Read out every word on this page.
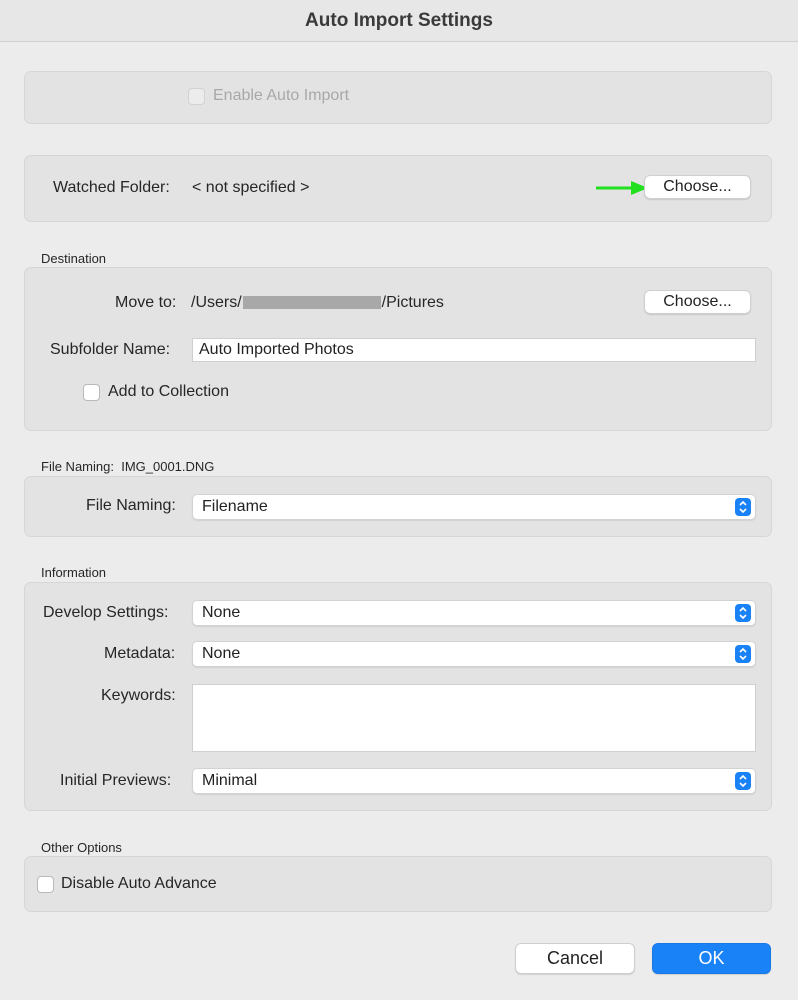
Auto Import Settings
Enable Auto Import
Watched Folder: < not specified >	Choose...
Destination
Move to: /Users/	/Pictures	Choose...
Subfolder Name:	Auto Imported Photos
Add to Collection
File Naming: IMG_0001.DNG
File Naming: Filename
Information
Develop Settings: None
Metadata: None
Keywords:
Initial Previews: Minimal
Other Options
Disable Auto Advance
Cancel	OK
